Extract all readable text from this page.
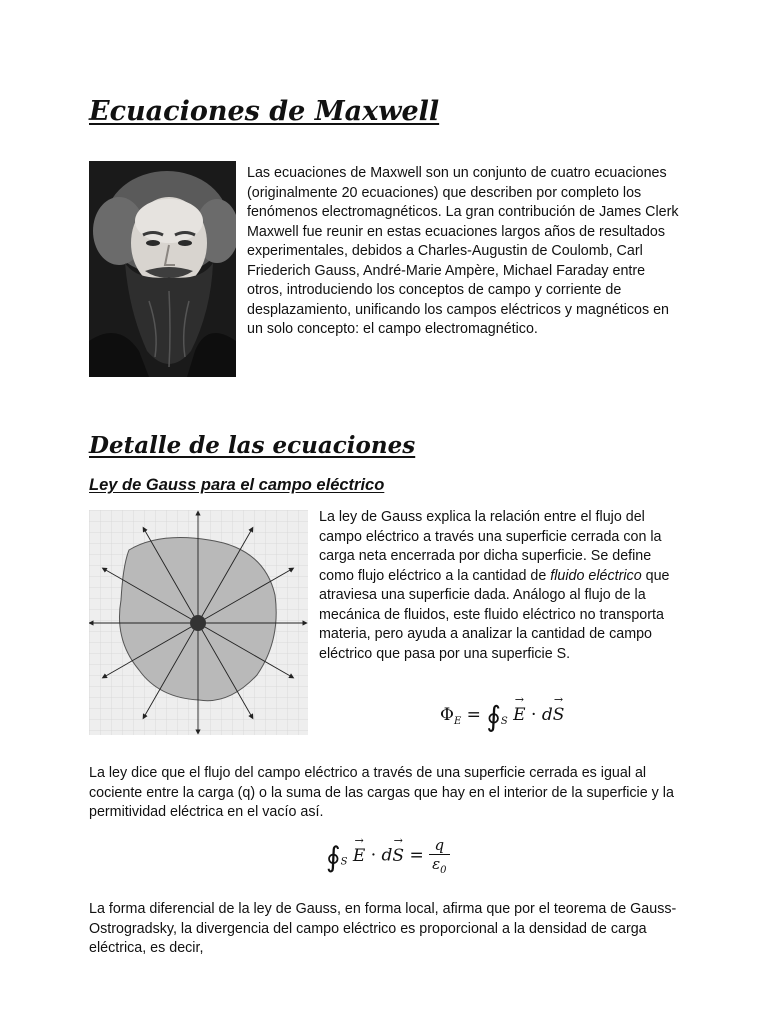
Ecuaciones de Maxwell

Las ecuaciones de Maxwell son un conjunto de cuatro ecuaciones (originalmente 20 ecuaciones) que describen por completo los fenómenos electromagnéticos. La gran contribución de James Clerk Maxwell fue reunir en estas ecuaciones largos años de resultados experimentales, debidos a Charles-Augustin de Coulomb, Carl Friederich Gauss, André-Marie Ampère, Michael Faraday entre otros, introduciendo los conceptos de campo y corriente de desplazamiento, unificando los campos eléctricos y magnéticos en un solo concepto: el campo electromagnético.

Detalle de las ecuaciones
Ley de Gauss para el campo eléctrico

La ley de Gauss explica la relación entre el flujo del campo eléctrico a través una superficie cerrada con la carga neta encerrada por dicha superficie. Se define como flujo eléctrico a la cantidad de fluido eléctrico que atraviesa una superficie dada. Análogo al flujo de la mecánica de fluidos, este fluido eléctrico no transporta materia, pero ayuda a analizar la cantidad de campo eléctrico que pasa por una superficie S.

$\Phi_E$ = $∮_S \to E \cdot d\to S$

La ley dice que el flujo del campo eléctrico a través de una superficie cerrada es igual al cociente entre la carga (q) o la suma de las cargas que hay en el interior de la superficie y la permitividad eléctrica en el vacío así.

$∮_S \to E \cdot d\to S = \frac{q}{\varepsilon_0}$

La forma diferencial de la ley de Gauss, en forma local, afirma que por el teorema de Gauss-Ostrogradsky, la divergencia del campo eléctrico es proporcional a la densidad de carga eléctrica, es decir,
